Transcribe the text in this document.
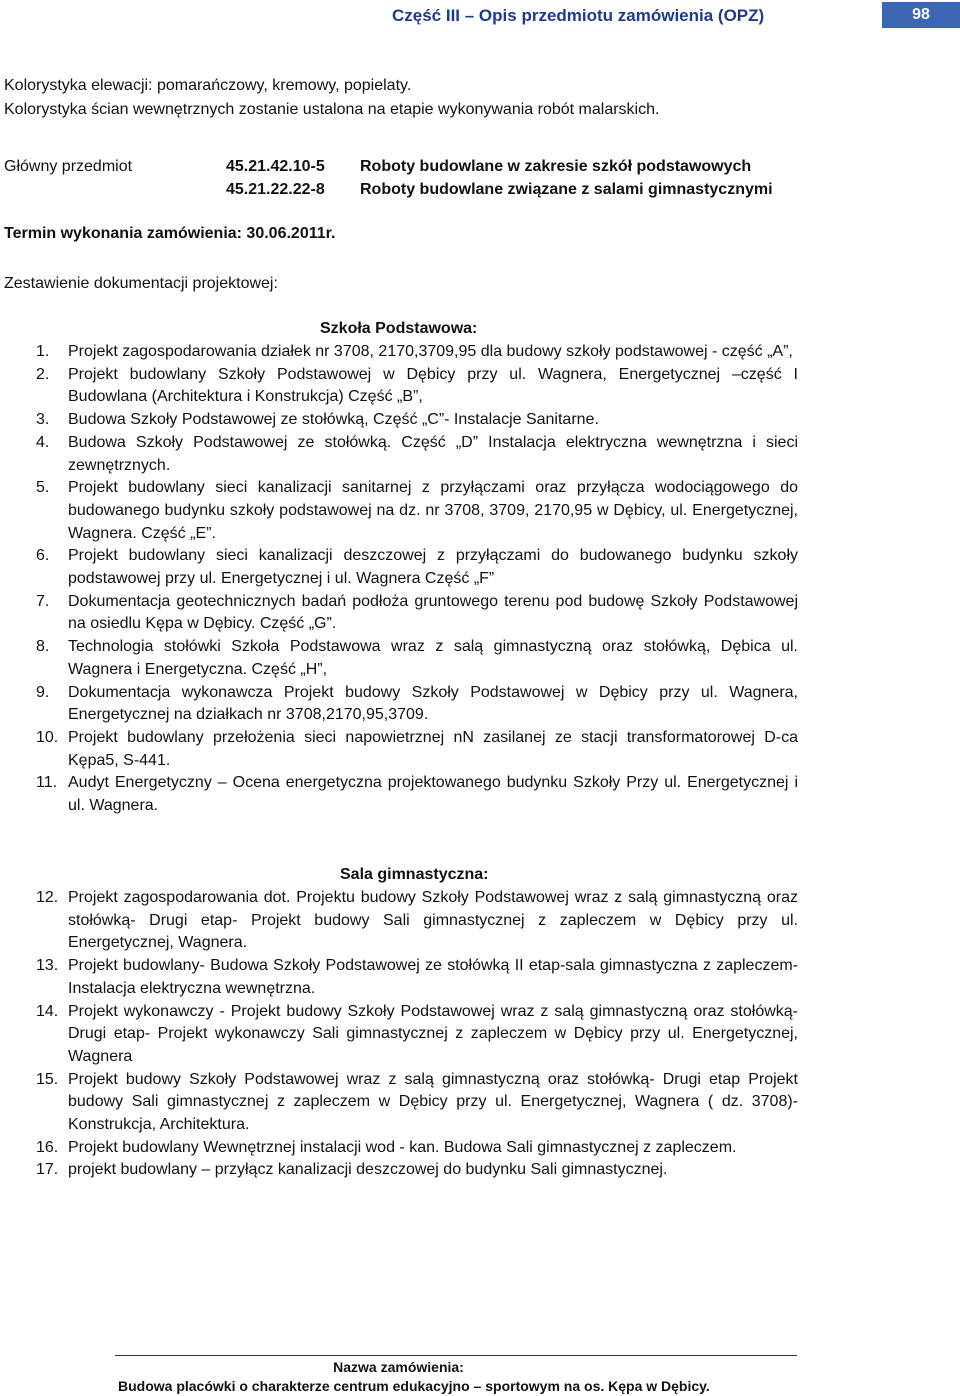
Część III – Opis przedmiotu zamówienia (OPZ)	98
Kolorystyka elewacji: pomarańczowy, kremowy, popielaty.
Kolorystyka ścian wewnętrznych zostanie ustalona na etapie wykonywania robót malarskich.
Główny przedmiot	45.21.42.10-5 Roboty budowlane w zakresie szkół podstawowych
45.21.22.22-8 Roboty budowlane związane z salami gimnastycznymi
Termin wykonania zamówienia: 30.06.2011r.
Zestawienie dokumentacji projektowej:
Szkoła Podstawowa:
1.	Projekt zagospodarowania działek nr 3708, 2170,3709,95 dla budowy szkoły podstawowej - część „A”,
2.	Projekt budowlany Szkoły Podstawowej w Dębicy przy ul. Wagnera, Energetycznej –część I Budowlana (Architektura i Konstrukcja) Część „B”,
3.	Budowa Szkoły Podstawowej ze stołówką, Część „C”- Instalacje Sanitarne.
4.	Budowa Szkoły Podstawowej ze stołówką. Część „D” Instalacja elektryczna wewnętrzna i sieci zewnętrznych.
5.	Projekt budowlany sieci kanalizacji sanitarnej z przyłączami oraz przyłącza wodociągowego do budowanego budynku szkoły podstawowej na dz. nr 3708, 3709, 2170,95 w Dębicy, ul. Energetycznej, Wagnera. Część „E”.
6.	Projekt budowlany sieci kanalizacji deszczowej z przyłączami do budowanego budynku szkoły podstawowej przy ul. Energetycznej i ul. Wagnera Część „F”
7.	Dokumentacja geotechnicznych badań podłoża gruntowego terenu pod budowę Szkoły Podstawowej na osiedlu Kępa w Dębicy. Część „G”.
8.	Technologia stołówki Szkoła Podstawowa wraz z salą gimnastyczną oraz stołówką, Dębica ul. Wagnera i Energetyczna. Część „H”,
9.	Dokumentacja wykonawcza Projekt budowy Szkoły Podstawowej w Dębicy przy ul. Wagnera, Energetycznej na działkach nr 3708,2170,95,3709.
10. Projekt budowlany przełożenia sieci napowietrznej nN zasilanej ze stacji transformatorowej D-ca Kępa5, S-441.
11. Audyt Energetyczny – Ocena energetyczna projektowanego budynku Szkoły Przy ul. Energetycznej i ul. Wagnera.
Sala gimnastyczna:
12. Projekt zagospodarowania dot. Projektu budowy Szkoły Podstawowej wraz z salą gimnastyczną oraz stołówką- Drugi etap- Projekt budowy Sali gimnastycznej z zapleczem w Dębicy przy ul. Energetycznej, Wagnera.
13. Projekt budowlany- Budowa Szkoły Podstawowej ze stołówką II etap-sala gimnastyczna z zapleczem- Instalacja elektryczna wewnętrzna.
14. Projekt wykonawczy - Projekt budowy Szkoły Podstawowej wraz z salą gimnastyczną oraz stołówką- Drugi etap- Projekt wykonawczy Sali gimnastycznej z zapleczem w Dębicy przy ul. Energetycznej, Wagnera
15. Projekt budowy Szkoły Podstawowej wraz z salą gimnastyczną oraz stołówką- Drugi etap Projekt budowy Sali gimnastycznej z zapleczem w Dębicy przy ul. Energetycznej, Wagnera ( dz. 3708)- Konstrukcja, Architektura.
16. Projekt budowlany Wewnętrznej instalacji wod - kan. Budowa Sali gimnastycznej z zapleczem.
17. projekt budowlany – przyłącz kanalizacji deszczowej do budynku Sali gimnastycznej.
Nazwa zamówienia:
Budowa placówki o charakterze centrum edukacyjno – sportowym na os. Kępa w Dębicy.
